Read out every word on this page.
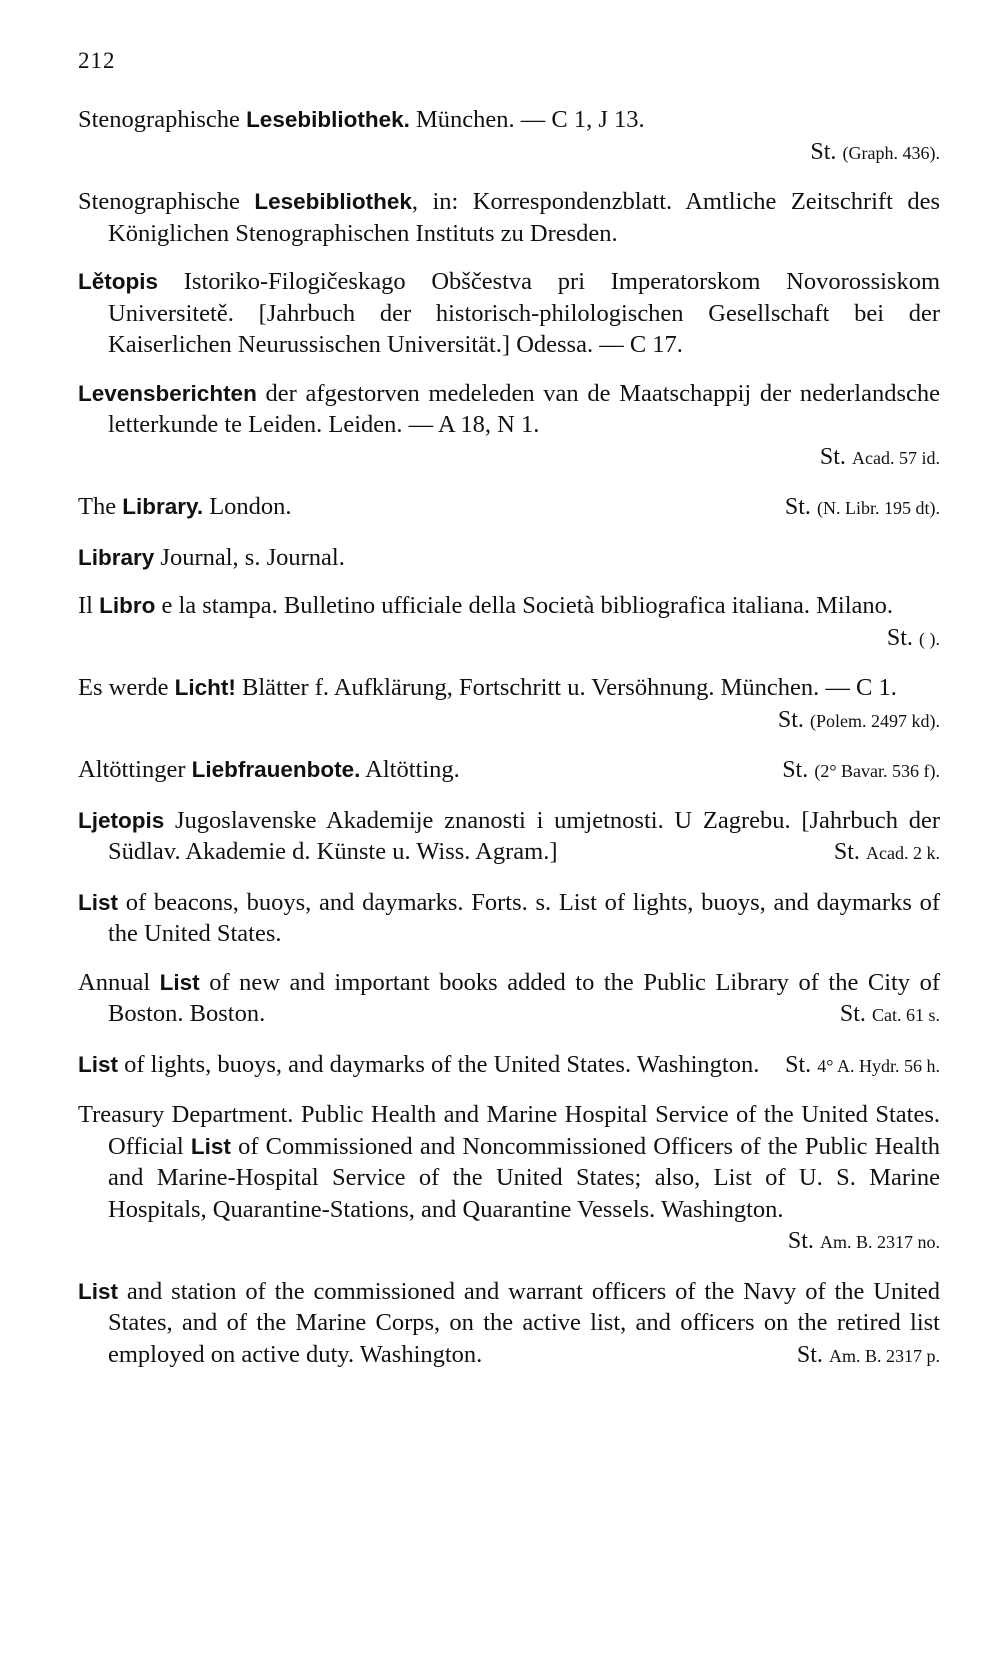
212
Stenographische Lesebibliothek. München. — C 1, J 13.
St. (Graph. 436).
Stenographische Lesebibliothek, in: Korrespondenzblatt. Amtliche Zeitschrift des Königlichen Stenographischen Instituts zu Dresden.
Lětopis Istoriko-Filogičeskago Obščestva pri Imperatorskom Novorossiskom Universitetě. [Jahrbuch der historisch-philologischen Gesellschaft bei der Kaiserlichen Neurussischen Universität.] Odessa. — C 17.
Levensberichten der afgestorven medeleden van de Maatschappij der nederlandsche letterkunde te Leiden. Leiden. — A 18, N 1.
St. Acad. 57 id.
The Library. London.	St. (N. Libr. 195 dt).
Library Journal, s. Journal.
Il Libro e la stampa. Bulletino ufficiale della Società bibliografica italiana. Milano.
St. ( ).
Es werde Licht! Blätter f. Aufklärung, Fortschritt u. Versöhnung. München. — C 1.
St. (Polem. 2497 kd).
Altöttinger Liebfrauenbote. Altötting.	St. (2° Bavar. 536 f).
Ljetopis Jugoslavenske Akademije znanosti i umjetnosti. U Zagrebu. [Jahrbuch der Südlav. Akademie d. Künste u. Wiss. Agram.]	St. Acad. 2 k.
List of beacons, buoys, and daymarks. Forts. s. List of lights, buoys, and daymarks of the United States.
Annual List of new and important books added to the Public Library of the City of Boston. Boston.	St. Cat. 61 s.
List of lights, buoys, and daymarks of the United States. Washington. St. 4° A. Hydr. 56 h.
Treasury Department. Public Health and Marine Hospital Service of the United States. Official List of Commissioned and Noncommissioned Officers of the Public Health and Marine-Hospital Service of the United States; also, List of U. S. Marine Hospitals, Quarantine-Stations, and Quarantine Vessels. Washington.
St. Am. B. 2317 no.
List and station of the commissioned and warrant officers of the Navy of the United States, and of the Marine Corps, on the active list, and officers on the retired list employed on active duty. Washington.	St. Am. B. 2317 p.
